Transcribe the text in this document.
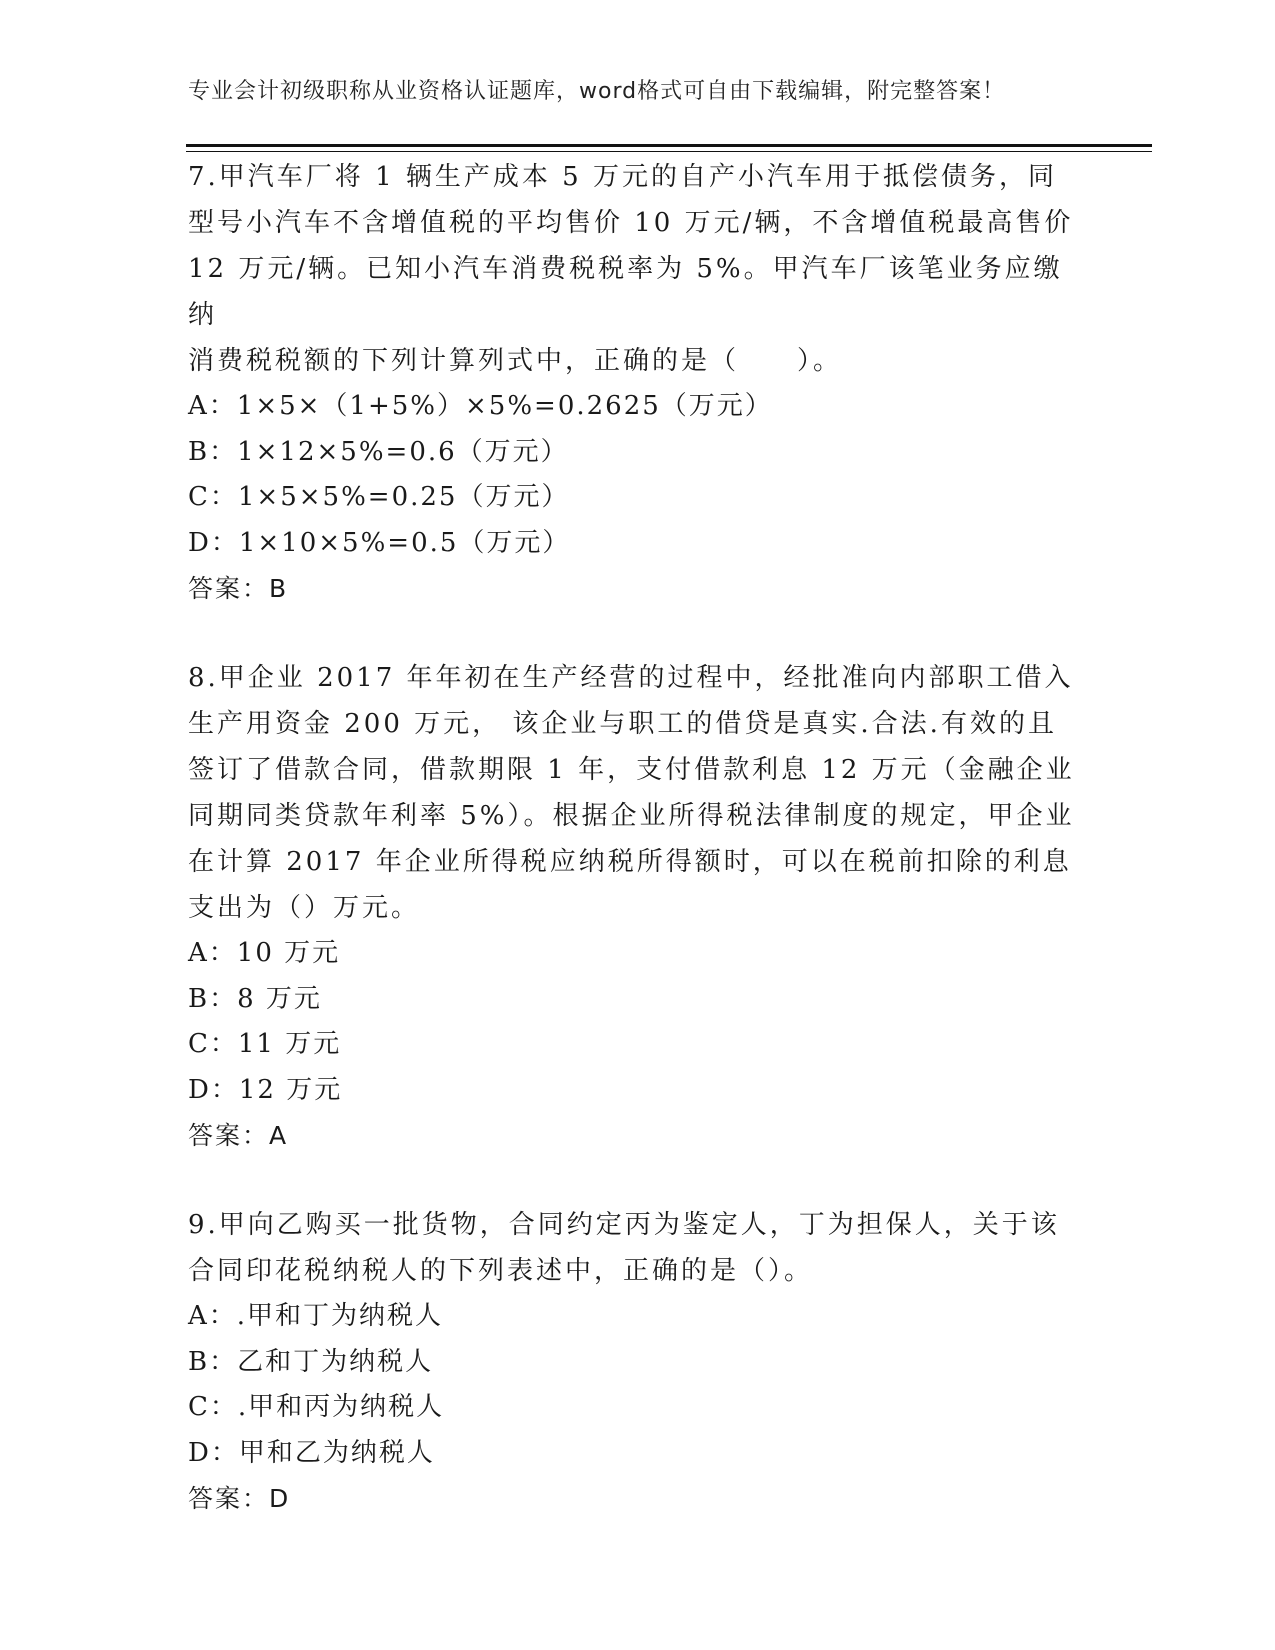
专业会计初级职称从业资格认证题库，word格式可自由下载编辑，附完整答案！

7.甲汽车厂将 1 辆生产成本 5 万元的自产小汽车用于抵偿债务，同

型号小汽车不含增值税的平均售价 10 万元/辆，不含增值税最高售价

12 万元/辆。已知小汽车消费税税率为 5%。甲汽车厂该笔业务应缴纳

消费税税额的下列计算列式中，正确的是（　　）。

A：1×5×（1+5%）×5%=0.2625（万元）

B：1×12×5%=0.6（万元）

C：1×5×5%=0.25（万元）

D：1×10×5%=0.5（万元）

答案：B

8.甲企业 2017 年年初在生产经营的过程中，经批准向内部职工借入

生产用资金 200 万元， 该企业与职工的借贷是真实.合法.有效的且

签订了借款合同，借款期限 1 年，支付借款利息 12 万元（金融企业

同期同类贷款年利率 5%）。根据企业所得税法律制度的规定，甲企业

在计算 2017 年企业所得税应纳税所得额时，可以在税前扣除的利息

支出为（）万元。

A：10 万元

B：8 万元

C：11 万元

D：12 万元

答案：A

9.甲向乙购买一批货物，合同约定丙为鉴定人，丁为担保人，关于该

合同印花税纳税人的下列表述中，正确的是（）。

A：.甲和丁为纳税人

B：乙和丁为纳税人

C：.甲和丙为纳税人

D：甲和乙为纳税人

答案：D
